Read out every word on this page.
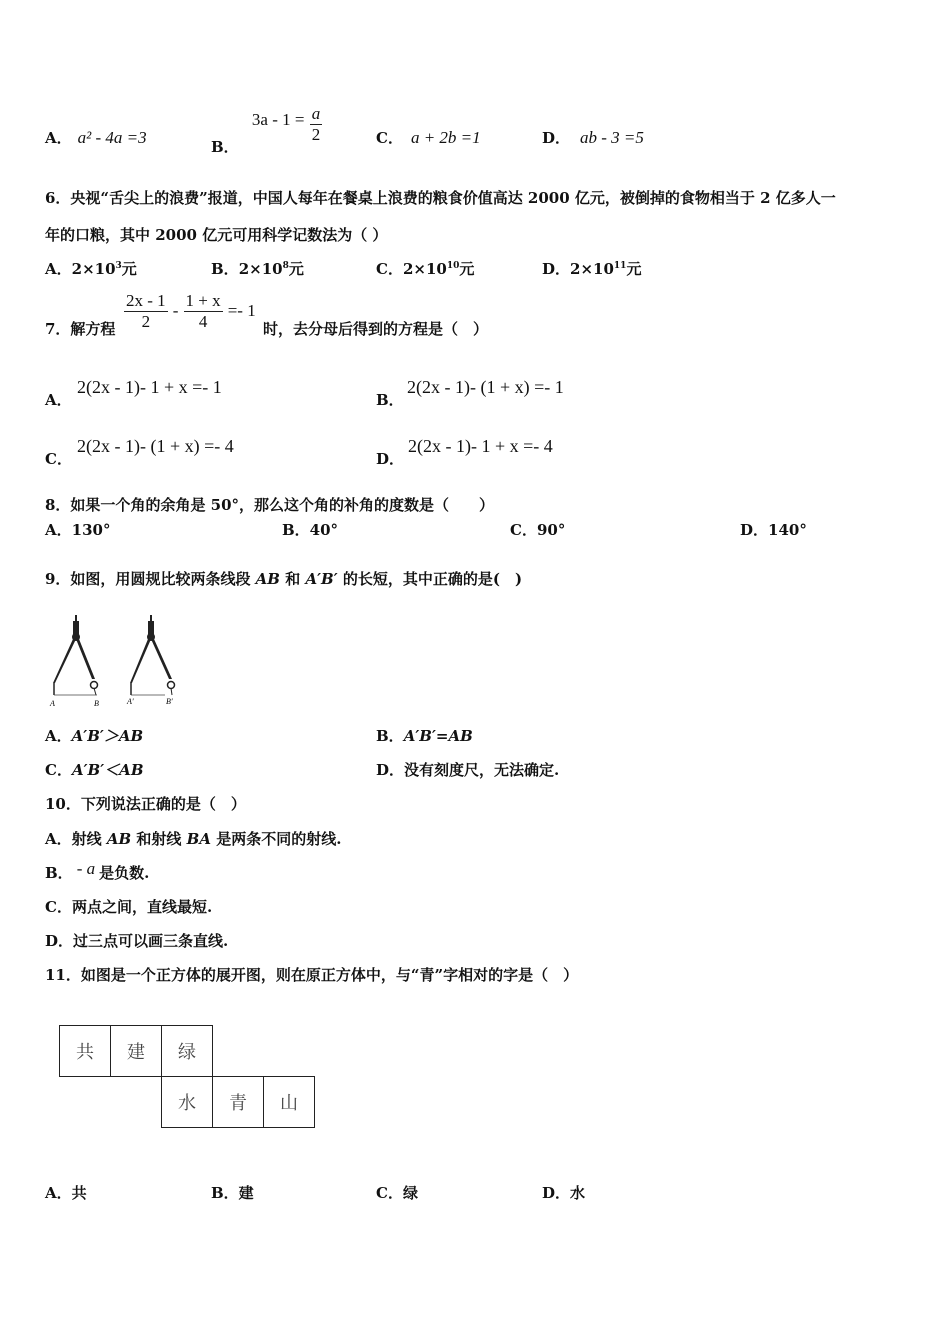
A． a² - 4a =3	B． $3a - 1 = \frac{a}{2}$	C． a + 2b =1	D． ab - 3 =5
6．央视“舌尖上的浪费”报道，中国人每年在餐桌上浪费的粮食价值高达 2000 亿元，被倒掉的食物相当于 2 亿多人一
年的口粮，其中 2000 亿元可用科学记数法为（ ）
A．$2\times 10^3$元	B．$2\times 10^8$元	C．$2\times 10^{10}$元	D．$2\times 10^{11}$元
7．解方程 $\frac{2x - 1}{2} - \frac{1 + x}{4} =- 1$
时，去分母后得到的方程是（　）
A．
2(2x - 1)- 1 + x =- 1
B．
2(2x - 1)- (1 + x) =- 1
C．
2(2x - 1)- (1 + x) =- 4
D．
2(2x - 1)- 1 + x =- 4
8．如果一个角的余角是 50°，那么这个角的补角的度数是（　　）
A．130°	B．40°	C．90°	D．140°
9．如图，用圆规比较两条线段 AB 和 A′B′ 的长短，其中正确的是(　)
A	B	A′	B′
A．A′B′＞AB	B．A′B′=AB
C．A′B′＜AB	D．没有刻度尺，无法确定.
10．下列说法正确的是（　）
A．射线 AB 和射线 BA 是两条不同的射线.
B． - a 是负数.
C．两点之间，直线最短.
D．过三点可以画三条直线.
11．如图是一个正方体的展开图，则在原正方体中，与“青”字相对的字是（　）
共	建	绿		
		水	青	山
A．共	B．建	C．绿	D．水
